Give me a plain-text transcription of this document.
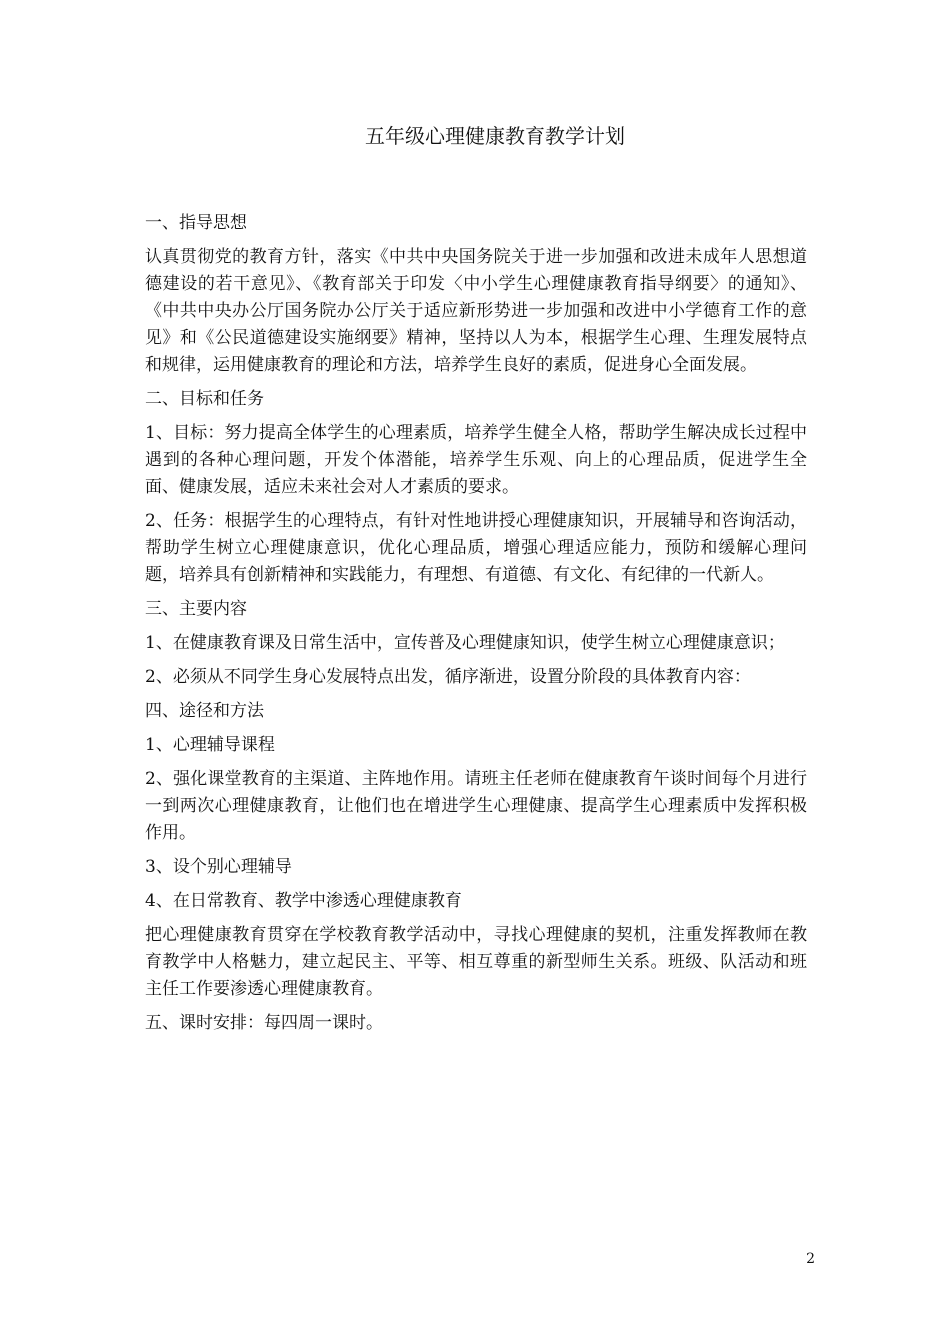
五年级心理健康教育教学计划

一、指导思想

认真贯彻党的教育方针，落实《中共中央国务院关于进一步加强和改进未成年人思想道德建设的若干意见》、《教育部关于印发〈中小学生心理健康教育指导纲要〉的通知》、《中共中央办公厅国务院办公厅关于适应新形势进一步加强和改进中小学德育工作的意见》和《公民道德建设实施纲要》精神，坚持以人为本，根据学生心理、生理发展特点和规律，运用健康教育的理论和方法，培养学生良好的素质，促进身心全面发展。

二、目标和任务

1、目标：努力提高全体学生的心理素质，培养学生健全人格，帮助学生解决成长过程中遇到的各种心理问题，开发个体潜能，培养学生乐观、向上的心理品质，促进学生全面、健康发展，适应未来社会对人才素质的要求。

2、任务：根据学生的心理特点，有针对性地讲授心理健康知识，开展辅导和咨询活动，帮助学生树立心理健康意识，优化心理品质，增强心理适应能力，预防和缓解心理问题，培养具有创新精神和实践能力，有理想、有道德、有文化、有纪律的一代新人。

三、主要内容

1、在健康教育课及日常生活中，宣传普及心理健康知识，使学生树立心理健康意识；

2、必须从不同学生身心发展特点出发，循序渐进，设置分阶段的具体教育内容：

四、途径和方法

1、心理辅导课程

2、强化课堂教育的主渠道、主阵地作用。请班主任老师在健康教育午谈时间每个月进行一到两次心理健康教育，让他们也在增进学生心理健康、提高学生心理素质中发挥积极作用。

3、设个别心理辅导

4、在日常教育、教学中渗透心理健康教育

把心理健康教育贯穿在学校教育教学活动中，寻找心理健康的契机，注重发挥教师在教育教学中人格魅力，建立起民主、平等、相互尊重的新型师生关系。班级、队活动和班主任工作要渗透心理健康教育。

五、课时安排：每四周一课时。

2
